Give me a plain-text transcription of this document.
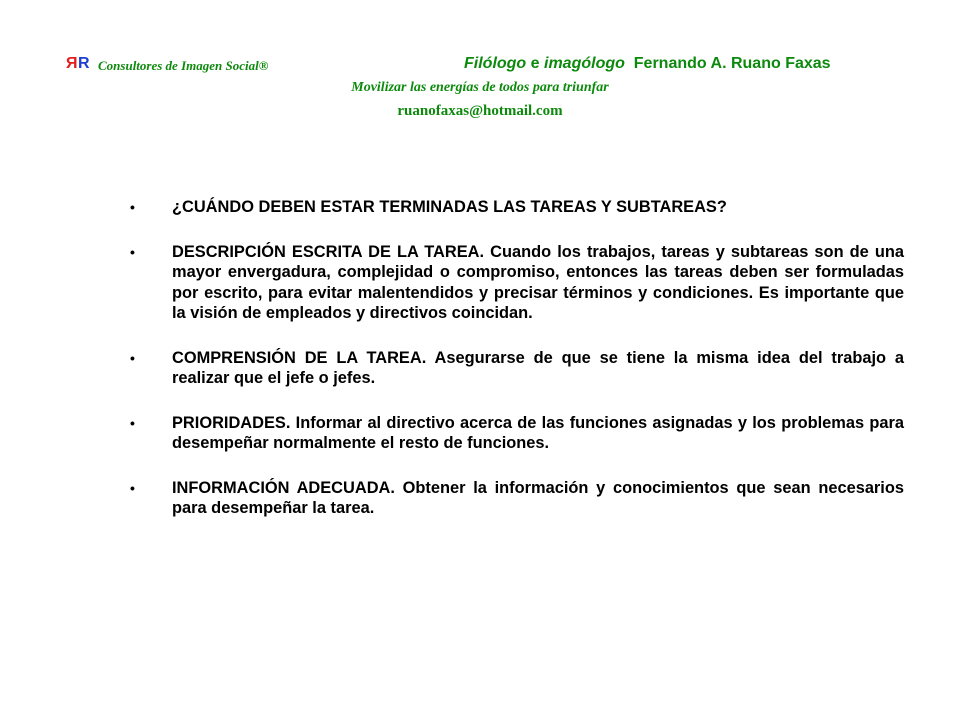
ЯR Consultores de Imagen Social®	Filólogo e imagólogo  Fernando A. Ruano Faxas
Movilizar las energías de todos para triunfar
ruanofaxas@hotmail.com
•	¿CUÁNDO DEBEN ESTAR TERMINADAS LAS TAREAS Y SUBTAREAS?
•	DESCRIPCIÓN ESCRITA DE LA TAREA. Cuando los trabajos, tareas y subtareas son de una mayor envergadura, complejidad o compromiso, entonces las tareas deben ser formuladas por escrito, para evitar malentendidos y precisar términos y condiciones. Es importante que la visión de empleados y directivos coincidan.
•	COMPRENSIÓN DE LA TAREA. Asegurarse de que se tiene la misma idea del trabajo a realizar que el jefe o jefes.
•	PRIORIDADES. Informar al directivo acerca de las funciones asignadas y los problemas para desempeñar normalmente el resto de funciones.
•	INFORMACIÓN ADECUADA. Obtener la información y conocimientos que sean necesarios para desempeñar la tarea.
